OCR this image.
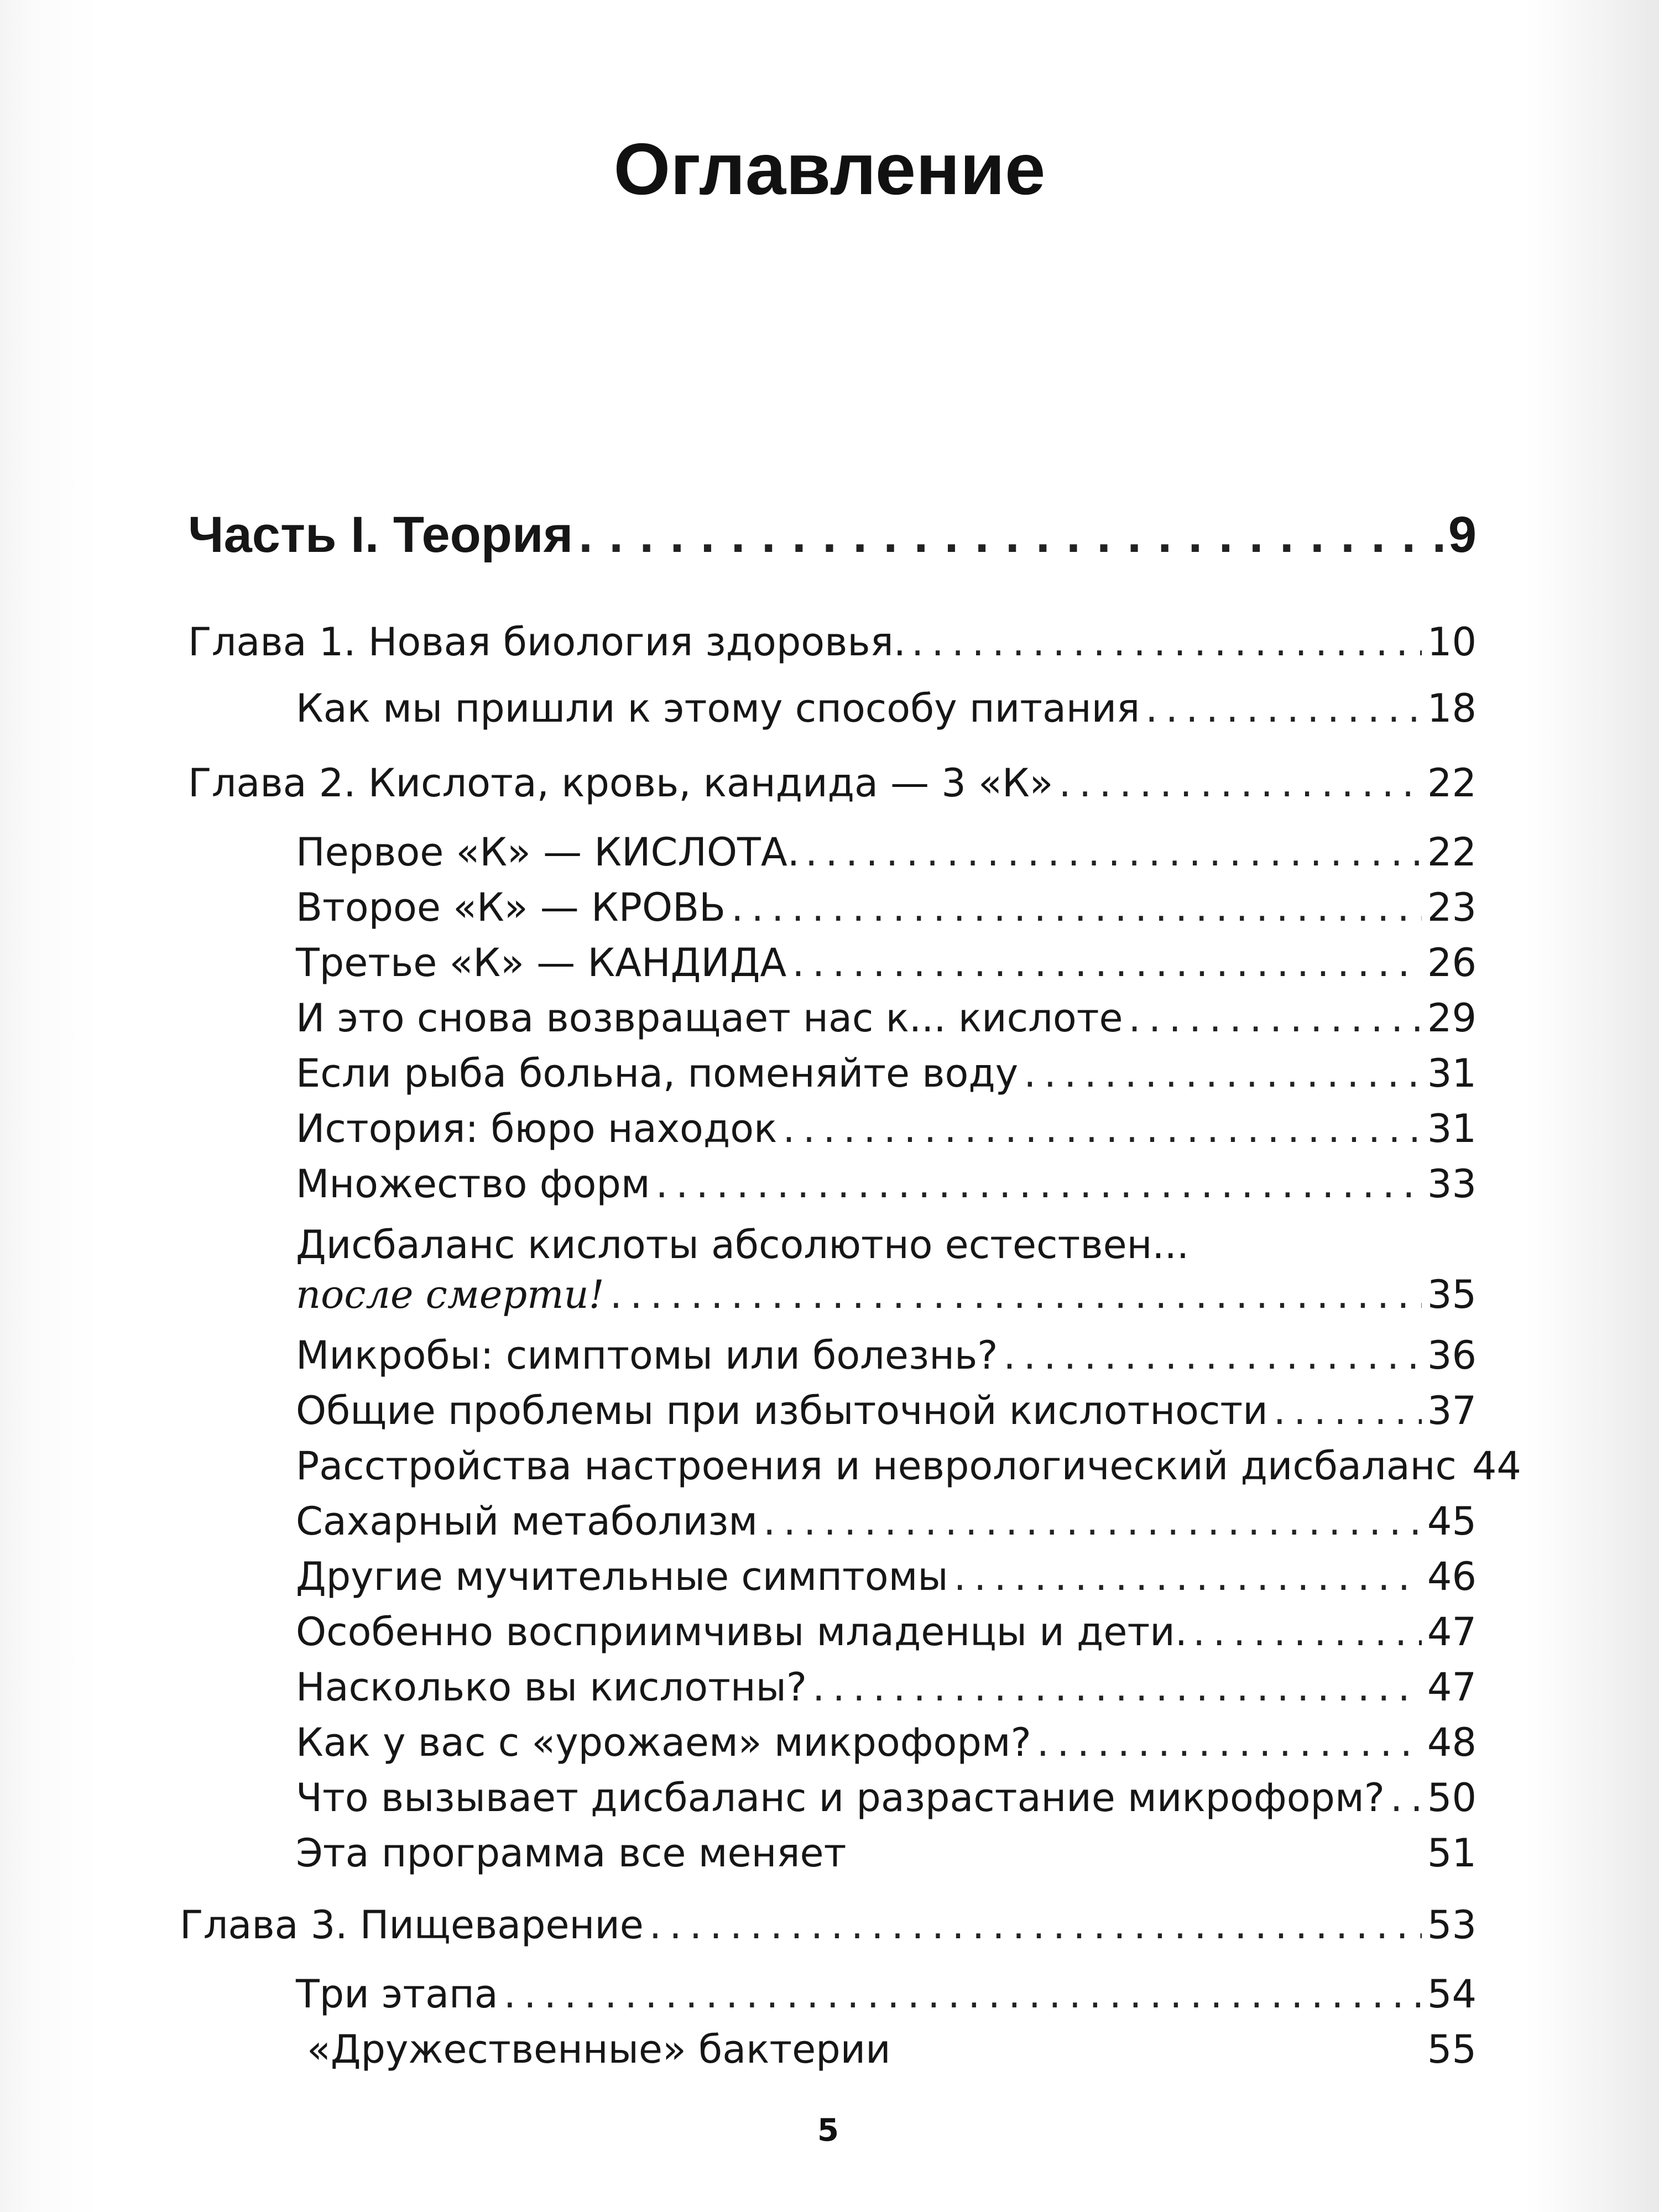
Оглавление
Часть I. Теория . . .	9
Глава 1. Новая биология здоровья. . . .	10
Как мы пришли к этому способу питания . . .	18
Глава 2. Кислота, кровь, кандида — 3 «К» . . .	22
Первое «К» — КИСЛОТА. . . .	22
Второе «К» — КРОВЬ . . .	23
Третье «К» — КАНДИДА . . .	26
И это снова возвращает нас к... кислоте . . .	29
Если рыба больна, поменяйте воду . . .	31
История: бюро находок . . .	31
Множество форм . . .	33
Дисбаланс кислоты абсолютно естествен...
после смерти! . . .	35
Микробы: симптомы или болезнь? . . .	36
Общие проблемы при избыточной кислотности . . .	37
Расстройства настроения и неврологический дисбаланс 44
Сахарный метаболизм . . .	45
Другие мучительные симптомы . . .	46
Особенно восприимчивы младенцы и дети. . . .	47
Насколько вы кислотны? . . .	47
Как у вас с «урожаем» микроформ? . . .	48
Что вызывает дисбаланс и разрастание микроформ? . . . 50
Эта программа все меняет	51
Глава 3. Пищеварение . . .	53
Три этапа . . .	54
«Дружественные» бактерии	55
5
